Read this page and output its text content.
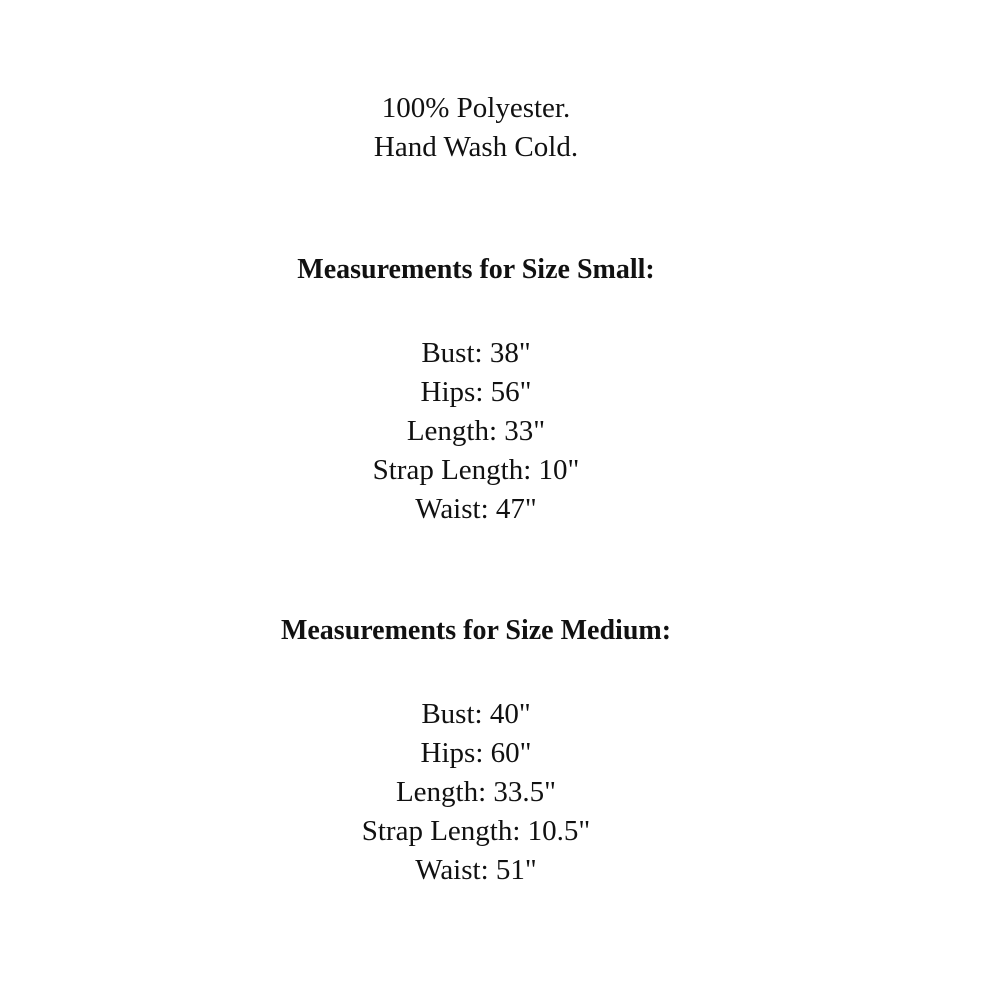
100% Polyester.
Hand Wash Cold.
Measurements for Size Small:
Bust: 38"
Hips: 56"
Length: 33"
Strap Length: 10"
Waist: 47"
Measurements for Size Medium:
Bust: 40"
Hips: 60"
Length: 33.5"
Strap Length: 10.5"
Waist: 51"
